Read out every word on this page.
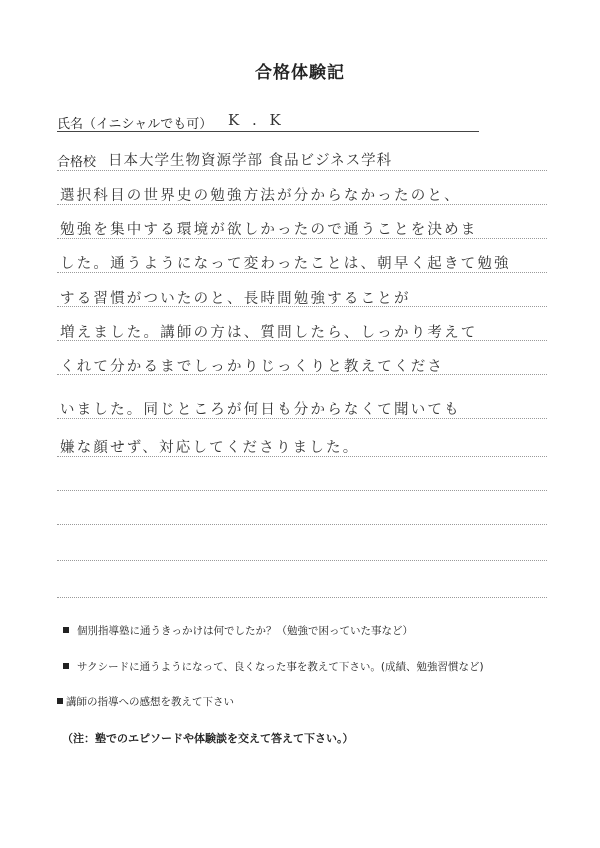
合格体験記
氏名（イニシャルでも可） K . K
合格校 日本大学生物資源学部 食品ビジネス学科
選択科目の世界史の勉強方法が分からなかったのと、
勉強を集中する環境が欲しかったので通うことを決めま
した。通うようになって変わったことは、朝早く起きて勉強
する習慣がついたのと、長時間勉強することが
増えました。講師の方は、質問したら、しっかり考えて
くれて分かるまでしっかりじっくりと教えてくださ
いました。同じところが何日も分からなくて聞いても
嫌な顔せず、対応してくださりました。
個別指導塾に通うきっかけは何でしたか？（勉強で困っていた事など）
サクシードに通うようになって、良くなった事を教えて下さい。(成績、勉強習慣など)
講師の指導への感想を教えて下さい
（注：塾でのエピソードや体験談を交えて答えて下さい。）
